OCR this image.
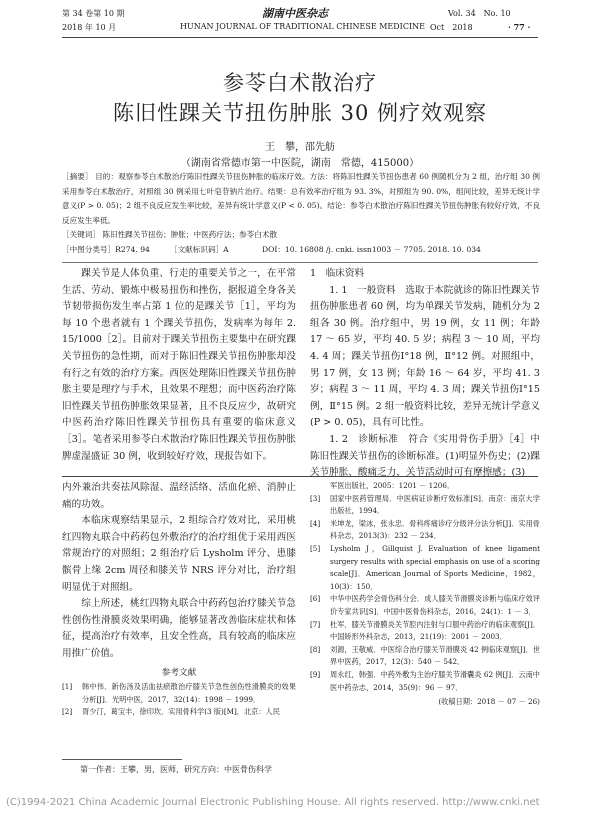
第 34 卷第 10 期	湖南中医杂志	Vol. 34　No. 10
2018 年 10 月	HUNAN JOURNAL OF TRADITIONAL CHINESE MEDICINE Oct　2018	· 77 ·
参苓白术散治疗
陈旧性踝关节扭伤肿胀 30 例疗效观察
王　攀，邵先舫
（湖南省常德市第一中医院，湖南　常德，415000）
［摘要］ 目的：观察参苓白术散治疗陈旧性踝关节扭伤肿胀的临床疗效。方法：将陈旧性踝关节扭伤患者 60 例随机分为 2 组，治疗组 30 例采用参苓白术散治疗，对照组 30 例采用七叶皂苷钠片治疗。结果：总有效率治疗组为 93. 3%，对照组为 90. 0%，组间比较，差异无统计学意义(P > 0. 05)；2 组不良反应发生率比较，差异有统计学意义(P < 0. 05)。结论：参苓白术散治疗陈旧性踝关节扭伤肿胀有较好疗效，不良反应发生率低。
［关键词］ 陈旧性踝关节扭伤；肿胀；中医药疗法；参苓白术散
［中图分类号］R274. 94	［文献标识码］A	DOI：10. 16808 /j. cnki. issn1003 － 7705. 2018. 10. 034

踝关节是人体负重、行走的重要关节之一，在平常生活、劳动、锻炼中极易扭伤和挫伤，据报道全身各关节韧带损伤发生率占第 1 位的是踝关节［1］，平均为每 10 个患者就有 1 个踝关节扭伤，发病率为每年 2. 15/1000［2］。目前对于踝关节扭伤主要集中在研究踝关节扭伤的急性期，而对于陈旧性踝关节扭伤肿胀却没有行之有效的治疗方案。西医处理陈旧性踝关节扭伤肿胀主要是理疗与手术，且效果不理想；而中医药治疗陈旧性踝关节扭伤肿胀效果显著，且不良反应少，故研究中医药治疗陈旧性踝关节扭伤具有重要的临床意义［3］。笔者采用参苓白术散治疗陈旧性踝关节扭伤肿胀脾虚湿盛证 30 例，收到较好疗效，现报告如下。

1　临床资料

1. 1　一般资料　选取于本院就诊的陈旧性踝关节扭伤肿胀患者 60 例，均为单踝关节发病，随机分为 2 组各 30 例。治疗组中，男 19 例，女 11 例；年龄 17 ～ 65 岁，平均 40. 5 岁；病程 3 ～ 10 周，平均 4. 4 周；踝关节扭伤Ⅰ°18 例，Ⅱ°12 例。对照组中，男 17 例，女 13 例；年龄 16 ～ 64 岁，平均 41. 3 岁；病程 3 ～ 11 周，平均 4. 3 周；踝关节扭伤Ⅰ°15 例，Ⅱ°15 例。2 组一般资料比较，差异无统计学意义(P > 0. 05)，具有可比性。

1. 2　诊断标准　符合《实用骨伤手册》［4］中陈旧性踝关节扭伤的诊断标准。(1)明显外伤史；(2)踝关节肿胀、酸痛乏力，关节活动时可有摩擦感；(3)

内外兼治共奏祛风除湿、温经活络、活血化瘀、消肿止痛的功效。

本临床观察结果显示，2 组综合疗效对比，采用桃红四物丸联合中药药包外敷治疗的治疗组优于采用西医常规治疗的对照组；2 组治疗后 Lysholm 评分、患膝髌骨上缘 2cm 周径和膝关节 NRS 评分对比，治疗组明显优于对照组。

综上所述，桃红四物丸联合中药药包治疗膝关节急性创伤性滑膜炎效果明确，能够显著改善临床症状和体征，提高治疗有效率，且安全性高，具有较高的临床应用推广价值。

参考文献
[1]	韩中伟．新伤汤及活血祛瘀散治疗膝关节急性创伤性滑膜炎的效果分析[J]．光明中医，2017，32(14)：1998 － 1999．
[2]	胥少汀，葛宝丰，徐印坎．实用骨科学(3 版)[M]．北京：人民
军医出版社，2005：1201 － 1206．
[3]	国家中医药管理局．中医病证诊断疗效标准[S]．南京：南京大学出版社，1994．
[4]	米坤龙，梁冰，张永忠．骨科疼痛诊疗分级评分法分析[J]．实用骨科杂志，2013(3)：232 － 234．
[5]	Lysholm J，Gillquist J. Evaluation of knee ligament surgery results with special emphasis on use of a scoring scale[J]．American Journal of Sports Medicine，1982，10(3)：150．
[6]	中华中医药学会骨伤科分会．成人膝关节滑膜炎诊断与临床疗效评价专家共识[S]．中国中医骨伤科杂志，2016，24(1)：1 － 3．
[7]	杜军．膝关节滑膜炎关节腔内注射与口服中药治疗的临床观察[J]．中国矫形外科杂志，2013，21(19)：2001 － 2003．
[8]	刘源，王敬威．中医综合治疗膝关节滑膜炎 42 例临床观察[J]．世界中医药，2017，12(3)：540 － 542．
[9]	周永红，韩强．中药外敷为主治疗膝关节滑囊炎 62 例[J]．云南中医中药杂志，2014，35(9)：96 － 97．
(收稿日期：2018 － 07 － 26)
第一作者：王攀，男，医师，研究方向：中医骨伤科学
(C)1994-2021 China Academic Journal Electronic Publishing House. All rights reserved. http://www.cnki.net
